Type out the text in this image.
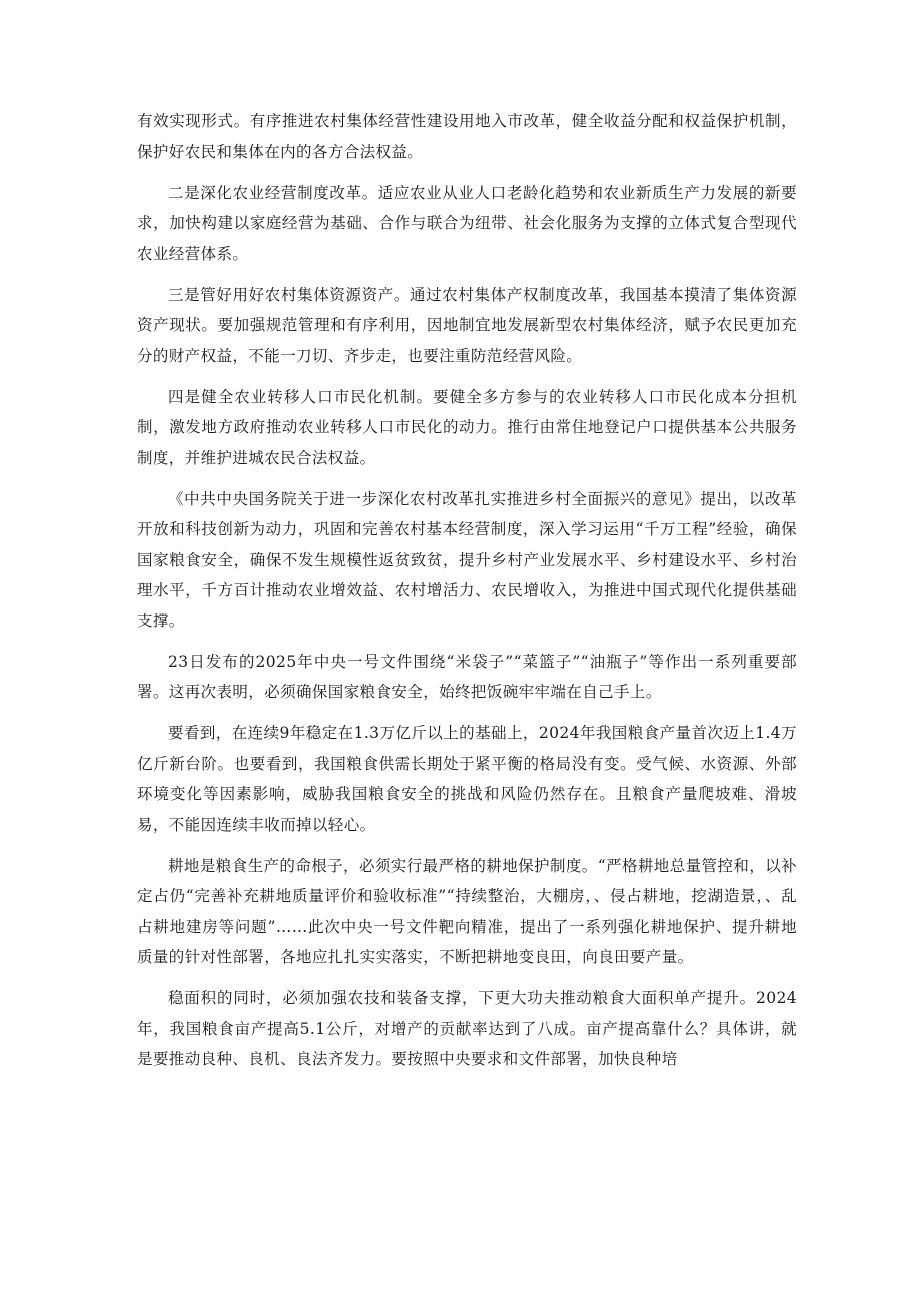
有效实现形式。有序推进农村集体经营性建设用地入市改革，健全收益分配和权益保护机制，保护好农民和集体在内的各方合法权益。

二是深化农业经营制度改革。适应农业从业人口老龄化趋势和农业新质生产力发展的新要求，加快构建以家庭经营为基础、合作与联合为纽带、社会化服务为支撑的立体式复合型现代农业经营体系。

三是管好用好农村集体资源资产。通过农村集体产权制度改革，我国基本摸清了集体资源资产现状。要加强规范管理和有序利用，因地制宜地发展新型农村集体经济，赋予农民更加充分的财产权益，不能一刀切、齐步走，也要注重防范经营风险。

四是健全农业转移人口市民化机制。要健全多方参与的农业转移人口市民化成本分担机制，激发地方政府推动农业转移人口市民化的动力。推行由常住地登记户口提供基本公共服务制度，并维护进城农民合法权益。

《中共中央国务院关于进一步深化农村改革扎实推进乡村全面振兴的意见》提出，以改革开放和科技创新为动力，巩固和完善农村基本经营制度，深入学习运用“千万工程”经验，确保国家粮食安全，确保不发生规模性返贫致贫，提升乡村产业发展水平、乡村建设水平、乡村治理水平，千方百计推动农业增效益、农村增活力、农民增收入，为推进中国式现代化提供基础支撑。

23日发布的2025年中央一号文件围绕“米袋子”“菜篮子”“油瓶子”等作出一系列重要部署。这再次表明，必须确保国家粮食安全，始终把饭碗牢牢端在自己手上。

要看到，在连续9年稳定在1.3万亿斤以上的基础上，2024年我国粮食产量首次迈上1.4万亿斤新台阶。也要看到，我国粮食供需长期处于紧平衡的格局没有变。受气候、水资源、外部环境变化等因素影响，威胁我国粮食安全的挑战和风险仍然存在。且粮食产量爬坡难、滑坡易，不能因连续丰收而掉以轻心。

耕地是粮食生产的命根子，必须实行最严格的耕地保护制度。“严格耕地总量管控和，以补定占仍“完善补充耕地质量评价和验收标准”“持续整治，大棚房，、侵占耕地，挖湖造景，、乱占耕地建房等问题”……此次中央一号文件靶向精准，提出了一系列强化耕地保护、提升耕地质量的针对性部署，各地应扎扎实实落实，不断把耕地变良田，向良田要产量。

稳面积的同时，必须加强农技和装备支撑，下更大功夫推动粮食大面积单产提升。2024年，我国粮食亩产提高5.1公斤，对增产的贡献率达到了八成。亩产提高靠什么？具体讲，就是要推动良种、良机、良法齐发力。要按照中央要求和文件部署，加快良种培
